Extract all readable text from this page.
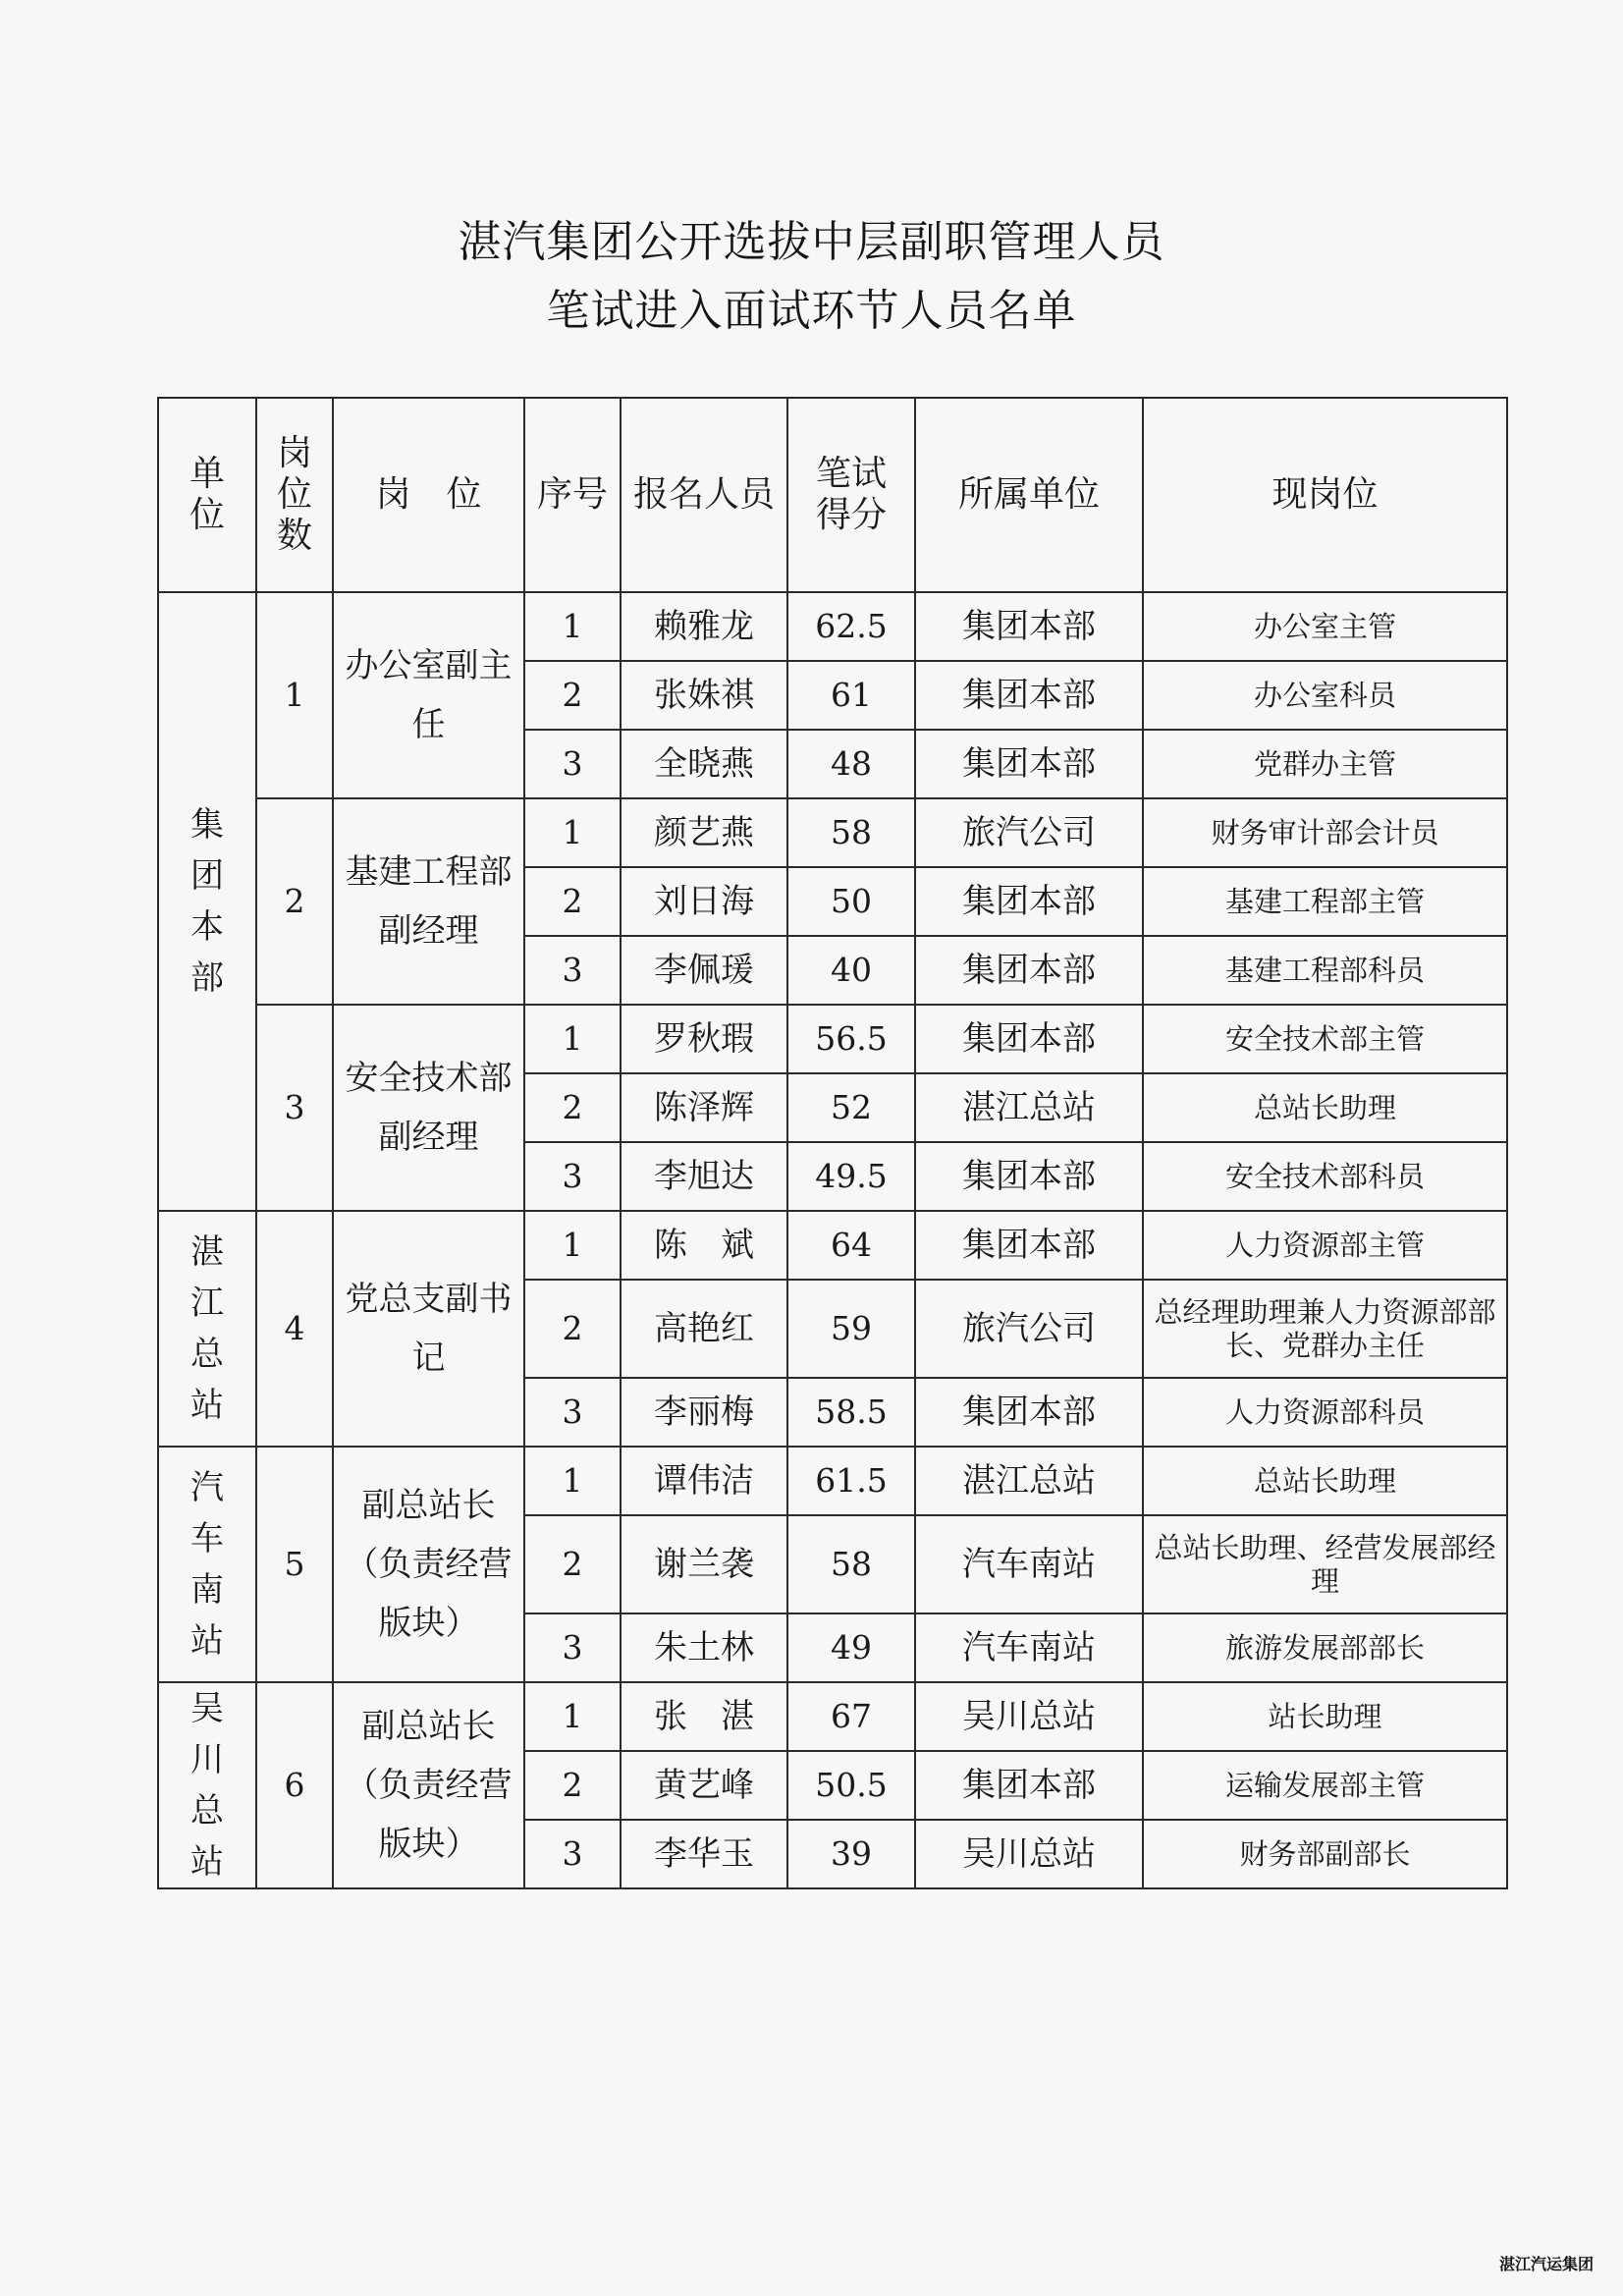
湛汽集团公开选拔中层副职管理人员
笔试进入面试环节人员名单
单位	岗位数	岗　位	序号	报名人员	笔试得分	所属单位	现岗位
集团本部	1	办公室副主任	1	赖雅龙	62.5	集团本部	办公室主管
			2	张姝祺	61	集团本部	办公室科员
			3	全晓燕	48	集团本部	党群办主管
	2	基建工程部副经理	1	颜艺燕	58	旅汽公司	财务审计部会计员
			2	刘日海	50	集团本部	基建工程部主管
			3	李佩瑗	40	集团本部	基建工程部科员
	3	安全技术部副经理	1	罗秋瑕	56.5	集团本部	安全技术部主管
			2	陈泽辉	52	湛江总站	总站长助理
			3	李旭达	49.5	集团本部	安全技术部科员
湛江总站	4	党总支副书记	1	陈　斌	64	集团本部	人力资源部主管
			2	高艳红	59	旅汽公司	总经理助理兼人力资源部部长、党群办主任
			3	李丽梅	58.5	集团本部	人力资源部科员
汽车南站	5	副总站长（负责经营版块）	1	谭伟洁	61.5	湛江总站	总站长助理
			2	谢兰袭	58	汽车南站	总站长助理、经营发展部经理
			3	朱土林	49	汽车南站	旅游发展部部长
吴川总站	6	副总站长（负责经营版块）	1	张　湛	67	吴川总站	站长助理
			2	黄艺峰	50.5	集团本部	运输发展部主管
			3	李华玉	39	吴川总站	财务部副部长
湛江汽运集团
